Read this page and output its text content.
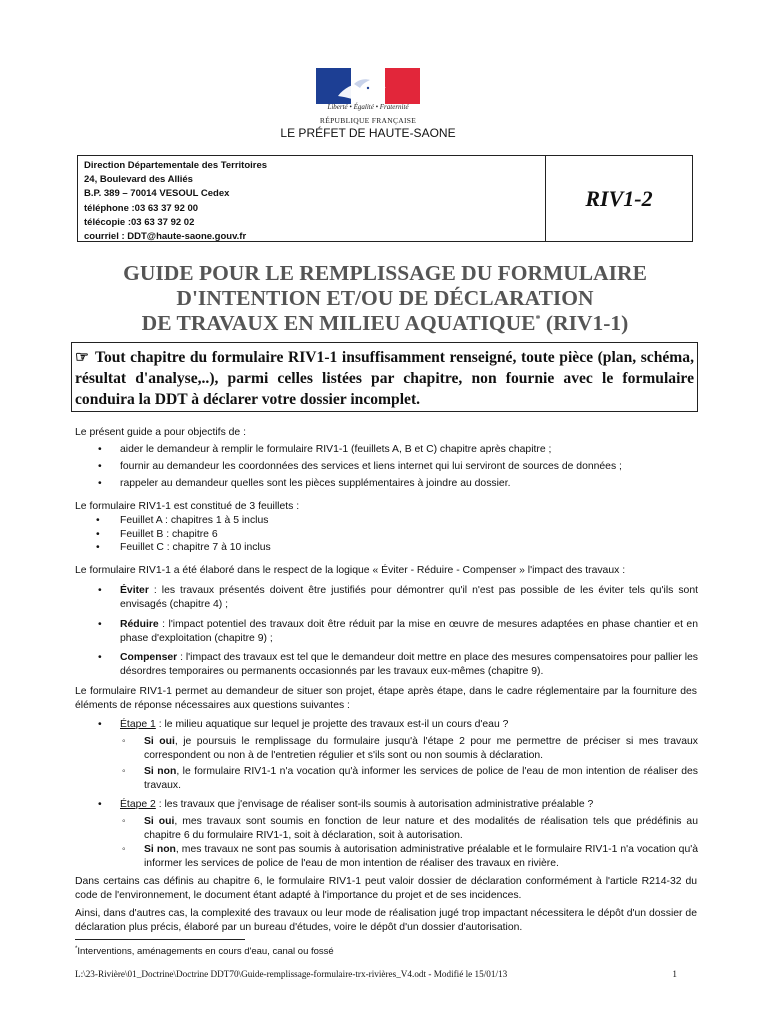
Liberté • Égalité • Fraternité
RÉPUBLIQUE FRANÇAISE
LE PRÉFET DE HAUTE-SAONE
Direction Départementale des Territoires
24, Boulevard des Alliés
B.P. 389 – 70014 VESOUL Cedex
téléphone :03 63 37 92 00
télécopie :03 63 37 92 02
courriel : DDT@haute-saone.gouv.fr
RIV1-2
GUIDE POUR LE REMPLISSAGE DU FORMULAIRE
D'INTENTION ET/OU DE DÉCLARATION
DE TRAVAUX EN MILIEU AQUATIQUE* (RIV1-1)
☞ Tout chapitre du formulaire RIV1-1 insuffisamment renseigné, toute pièce (plan, schéma, résultat d'analyse,..), parmi celles listées par chapitre, non fournie avec le formulaire conduira la DDT à déclarer votre dossier incomplet.
Le présent guide a pour objectifs de :
• aider le demandeur à remplir le formulaire RIV1-1 (feuillets A, B et C) chapitre après chapitre ;
• fournir au demandeur les coordonnées des services et liens internet qui lui serviront de sources de données ;
• rappeler au demandeur quelles sont les pièces supplémentaires à joindre au dossier.
Le formulaire RIV1-1 est constitué de 3 feuillets :
• Feuillet A : chapitres 1 à 5 inclus
• Feuillet B : chapitre 6
• Feuillet C : chapitre 7 à 10 inclus
Le formulaire RIV1-1 a été élaboré dans le respect de la logique « Éviter - Réduire - Compenser » l'impact des travaux :
• Éviter : les travaux présentés doivent être justifiés pour démontrer qu'il n'est pas possible de les éviter tels qu'ils sont envisagés (chapitre 4) ;
• Réduire : l'impact potentiel des travaux doit être réduit par la mise en œuvre de mesures adaptées en phase chantier et en phase d'exploitation (chapitre 9) ;
• Compenser : l'impact des travaux est tel que le demandeur doit mettre en place des mesures compensatoires pour pallier les désordres temporaires ou permanents occasionnés par les travaux eux-mêmes (chapitre 9).
Le formulaire RIV1-1 permet au demandeur de situer son projet, étape après étape, dans le cadre réglementaire par la fourniture des éléments de réponse nécessaires aux questions suivantes :
• Étape 1 : le milieu aquatique sur lequel je projette des travaux est-il un cours d'eau ?
◦ Si oui, je poursuis le remplissage du formulaire jusqu'à l'étape 2 pour me permettre de préciser si mes travaux correspondent ou non à de l'entretien régulier et s'ils sont ou non soumis à déclaration.
◦ Si non, le formulaire RIV1-1 n'a vocation qu'à informer les services de police de l'eau de mon intention de réaliser des travaux.
• Étape 2 : les travaux que j'envisage de réaliser sont-ils soumis à autorisation administrative préalable ?
◦ Si oui, mes travaux sont soumis en fonction de leur nature et des modalités de réalisation tels que prédéfinis au chapitre 6 du formulaire RIV1-1, soit à déclaration, soit à autorisation.
◦ Si non, mes travaux ne sont pas soumis à autorisation administrative préalable et le formulaire RIV1-1 n'a vocation qu'à informer les services de police de l'eau de mon intention de réaliser des travaux en rivière.
Dans certains cas définis au chapitre 6, le formulaire RIV1-1 peut valoir dossier de déclaration conformément à l'article R214-32 du code de l'environnement, le document étant adapté à l'importance du projet et de ses incidences.
Ainsi, dans d'autres cas, la complexité des travaux ou leur mode de réalisation jugé trop impactant nécessitera le dépôt d'un dossier de déclaration plus précis, élaboré par un bureau d'études, voire le dépôt d'un dossier d'autorisation.
*Interventions, aménagements en cours d'eau, canal ou fossé
L:\23-Rivière\01_Doctrine\Doctrine DDT70\Guide-remplissage-formulaire-trx-rivières_V4.odt - Modifié le 15/01/13	1
